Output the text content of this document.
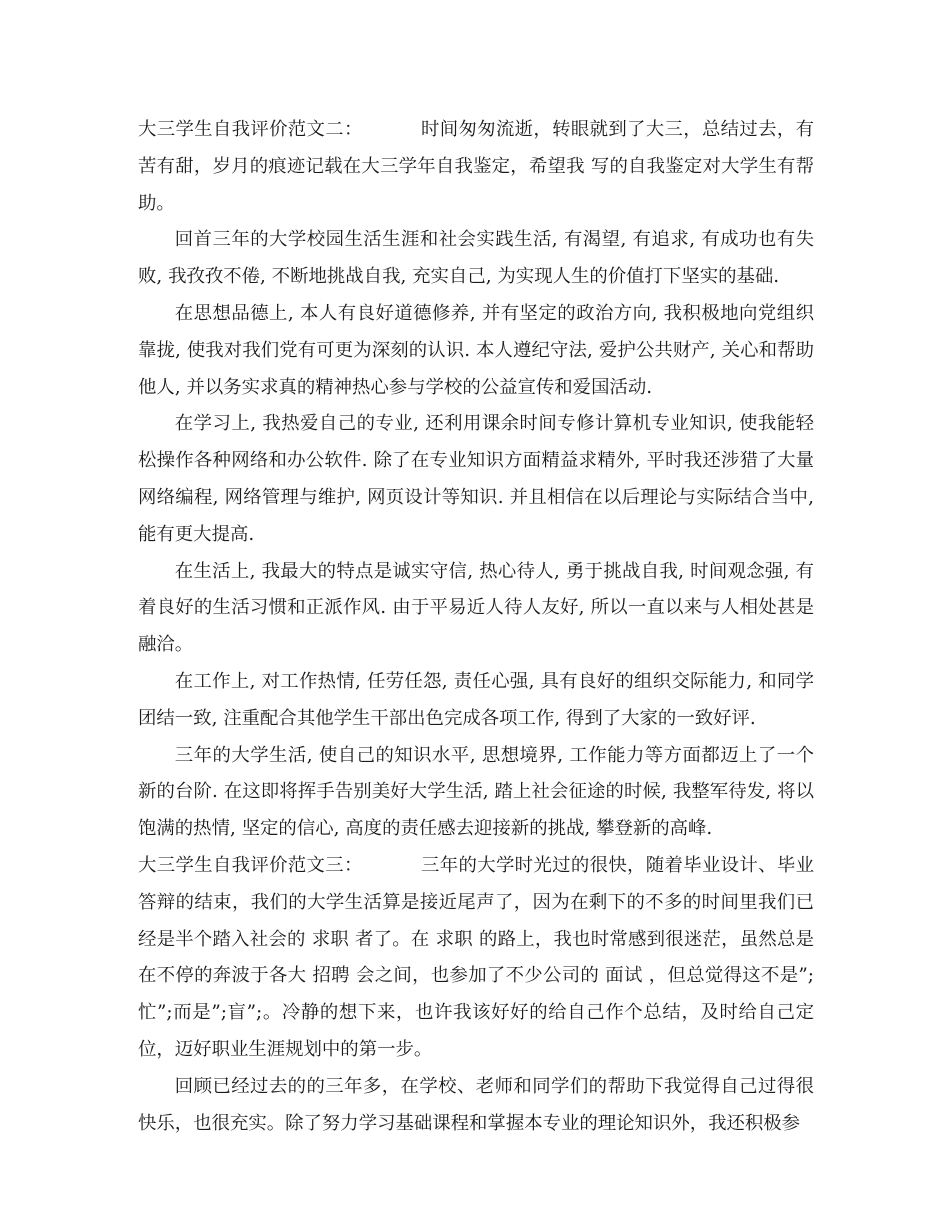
大三学生自我评价范文二：	时间匆匆流逝，转眼就到了大三，总结过去，有苦有甜，岁月的痕迹记载在大三学年自我鉴定，希望我 写的自我鉴定对大学生有帮助。

回首三年的大学校园生活生涯和社会实践生活, 有渴望, 有追求, 有成功也有失败, 我孜孜不倦, 不断地挑战自我, 充实自己, 为实现人生的价值打下坚实的基础.

在思想品德上, 本人有良好道德修养, 并有坚定的政治方向, 我积极地向党组织靠拢, 使我对我们党有可更为深刻的认识. 本人遵纪守法, 爱护公共财产, 关心和帮助他人, 并以务实求真的精神热心参与学校的公益宣传和爱国活动.

在学习上, 我热爱自己的专业, 还利用课余时间专修计算机专业知识, 使我能轻松操作各种网络和办公软件. 除了在专业知识方面精益求精外, 平时我还涉猎了大量网络编程, 网络管理与维护, 网页设计等知识. 并且相信在以后理论与实际结合当中, 能有更大提高.

在生活上, 我最大的特点是诚实守信, 热心待人, 勇于挑战自我, 时间观念强, 有着良好的生活习惯和正派作风. 由于平易近人待人友好, 所以一直以来与人相处甚是融洽。

在工作上, 对工作热情, 任劳任怨, 责任心强, 具有良好的组织交际能力, 和同学团结一致, 注重配合其他学生干部出色完成各项工作, 得到了大家的一致好评.

三年的大学生活, 使自己的知识水平, 思想境界, 工作能力等方面都迈上了一个新的台阶. 在这即将挥手告别美好大学生活, 踏上社会征途的时候, 我整军待发, 将以饱满的热情, 坚定的信心, 高度的责任感去迎接新的挑战, 攀登新的高峰.

大三学生自我评价范文三：	三年的大学时光过的很快，随着毕业设计、毕业答辩的结束，我们的大学生活算是接近尾声了，因为在剩下的不多的时间里我们已经是半个踏入社会的 求职 者了。在 求职 的路上，我也时常感到很迷茫，虽然总是在不停的奔波于各大 招聘 会之间，也参加了不少公司的 面试 ，但总觉得这不是”;忙”;而是”;盲”;。冷静的想下来，也许我该好好的给自己作个总结，及时给自己定位，迈好职业生涯规划中的第一步。

回顾已经过去的的三年多，在学校、老师和同学们的帮助下我觉得自己过得很快乐，也很充实。除了努力学习基础课程和掌握本专业的理论知识外，我还积极参
